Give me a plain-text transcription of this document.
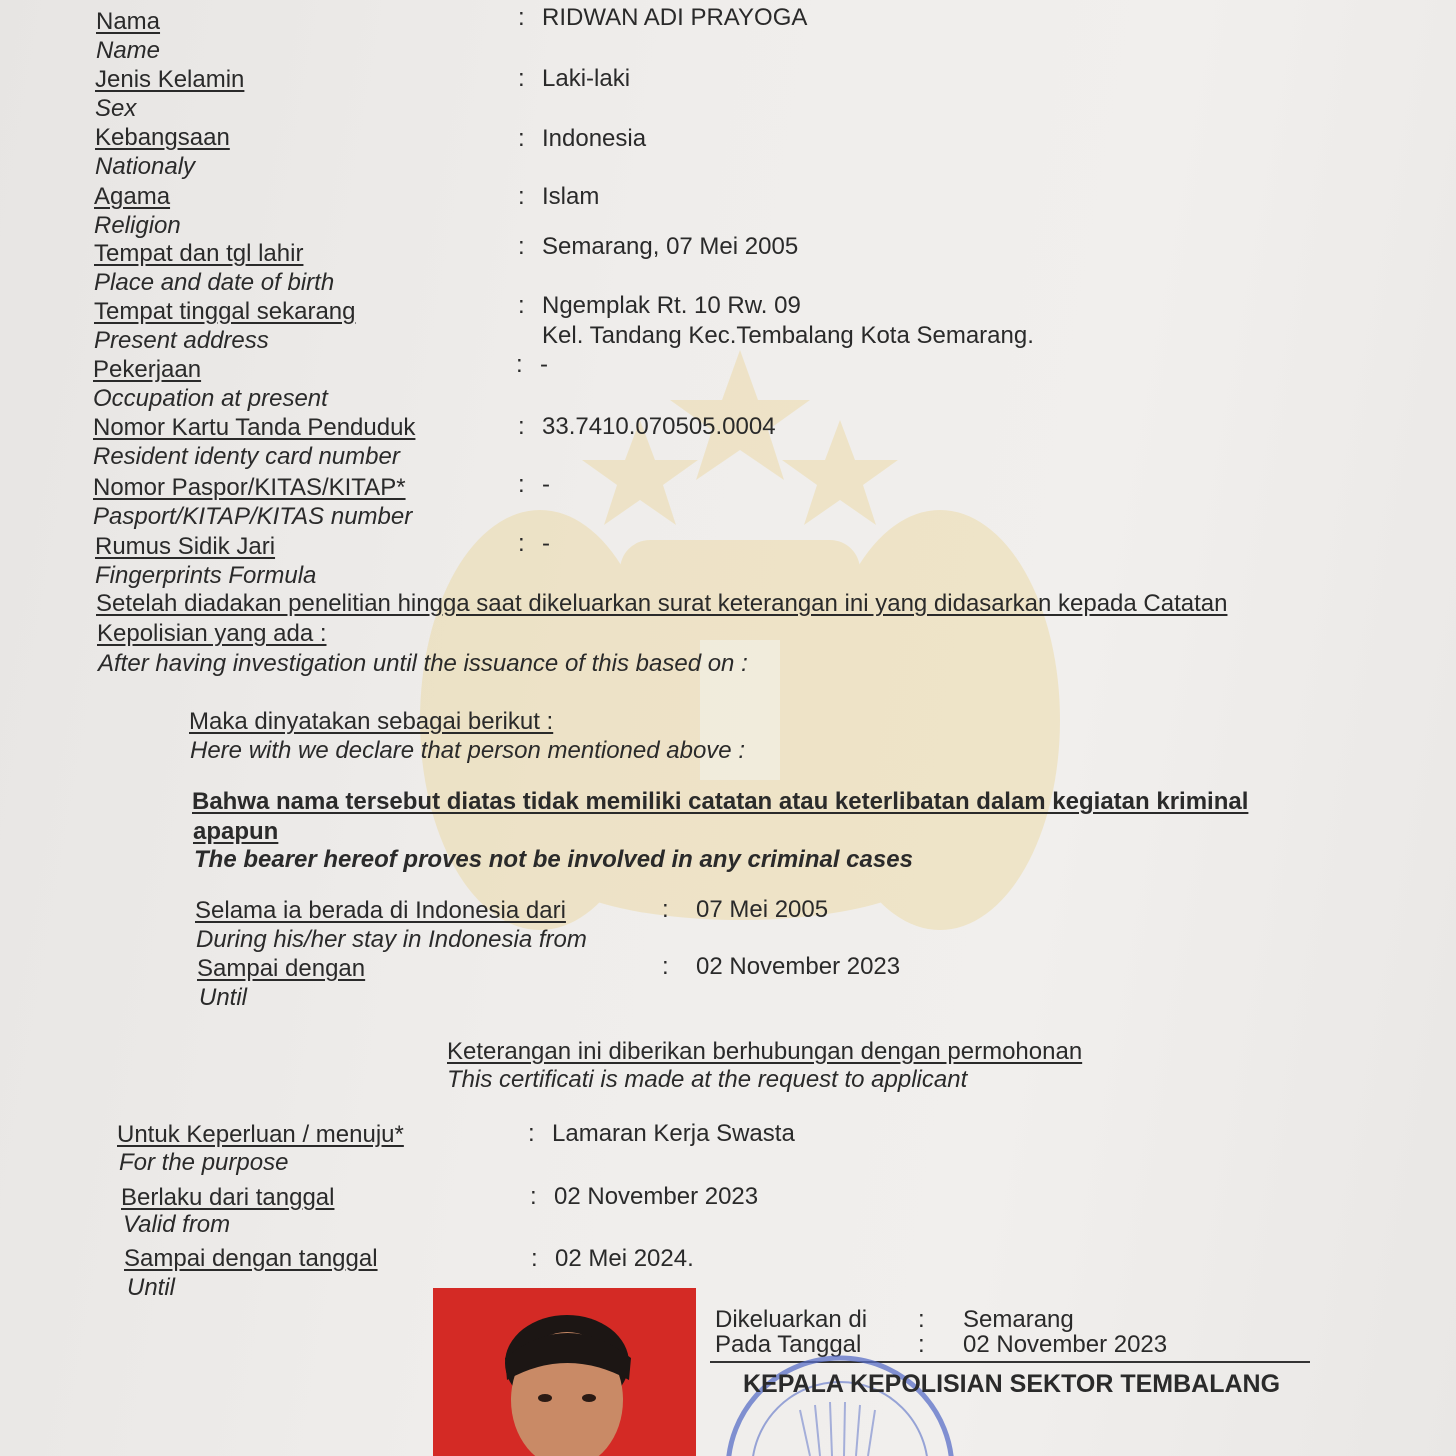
Nama
Name
: RIDWAN ADI PRAYOGA
Jenis Kelamin
Sex
: Laki-laki
Kebangsaan
Nationaly
: Indonesia
Agama
Religion
: Islam
Tempat dan tgl lahir
Place and date of birth
: Semarang, 07 Mei 2005
Tempat tinggal sekarang
Present address
: Ngemplak Rt. 10 Rw. 09
Kel. Tandang Kec.Tembalang Kota Semarang.
Pekerjaan
Occupation at present
: -
Nomor Kartu Tanda Penduduk
Resident identy card number
: 33.7410.070505.0004
Nomor Paspor/KITAS/KITAP*
Pasport/KITAP/KITAS number
: -
Rumus Sidik Jari
Fingerprints Formula
: -
Setelah diadakan penelitian hingga saat dikeluarkan surat keterangan ini yang didasarkan kepada Catatan
Kepolisian yang ada :
After having investigation until the issuance of this based on :
Maka dinyatakan sebagai berikut :
Here with we declare that person mentioned above :
Bahwa nama tersebut diatas tidak memiliki catatan atau keterlibatan dalam kegiatan kriminal
apapun
The bearer hereof proves not be involved in any criminal cases
Selama ia berada di Indonesia dari
During his/her stay in Indonesia from
: 07 Mei 2005
Sampai dengan
Until
: 02 November 2023
Keterangan ini diberikan berhubungan dengan permohonan
This certificati is made at the request to applicant
Untuk Keperluan / menuju*
For the purpose
: Lamaran Kerja Swasta
Berlaku dari tanggal
Valid from
: 02 November 2023
Sampai dengan tanggal
Until
: 02 Mei 2024.
Dikeluarkan di : Semarang
Pada Tanggal : 02 November 2023
KEPALA KEPOLISIAN SEKTOR TEMBALANG
